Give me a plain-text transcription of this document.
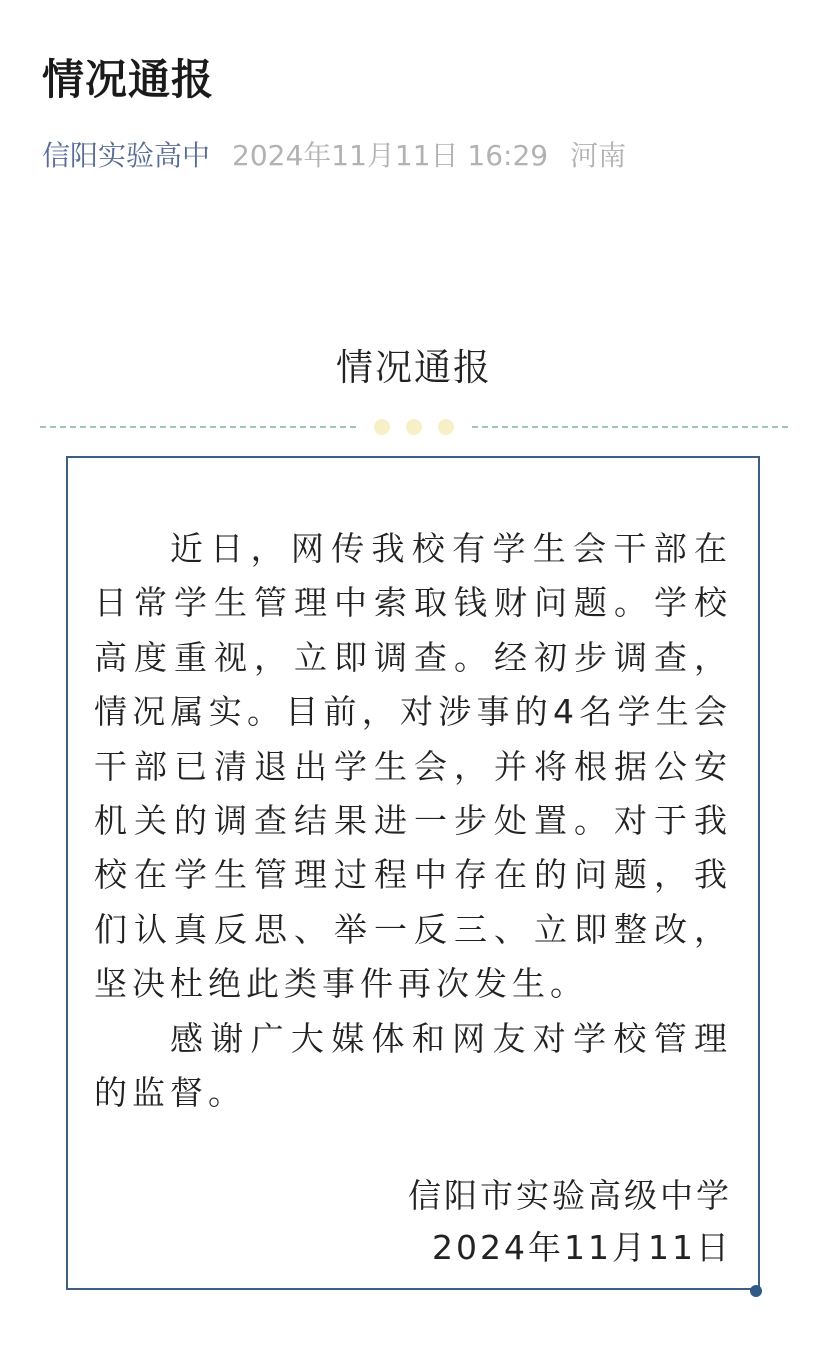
情况通报
信阳实验高中 2024年11月11日 16:29 河南
情况通报

近日，网传我校有学生会干部在日常学生管理中索取钱财问题。学校高度重视，立即调查。经初步调查，情况属实。目前，对涉事的4名学生会干部已清退出学生会，并将根据公安机关的调查结果进一步处置。对于我校在学生管理过程中存在的问题，我们认真反思、举一反三、立即整改，坚决杜绝此类事件再次发生。

感谢广大媒体和网友对学校管理的监督。

信阳市实验高级中学
2024年11月11日
